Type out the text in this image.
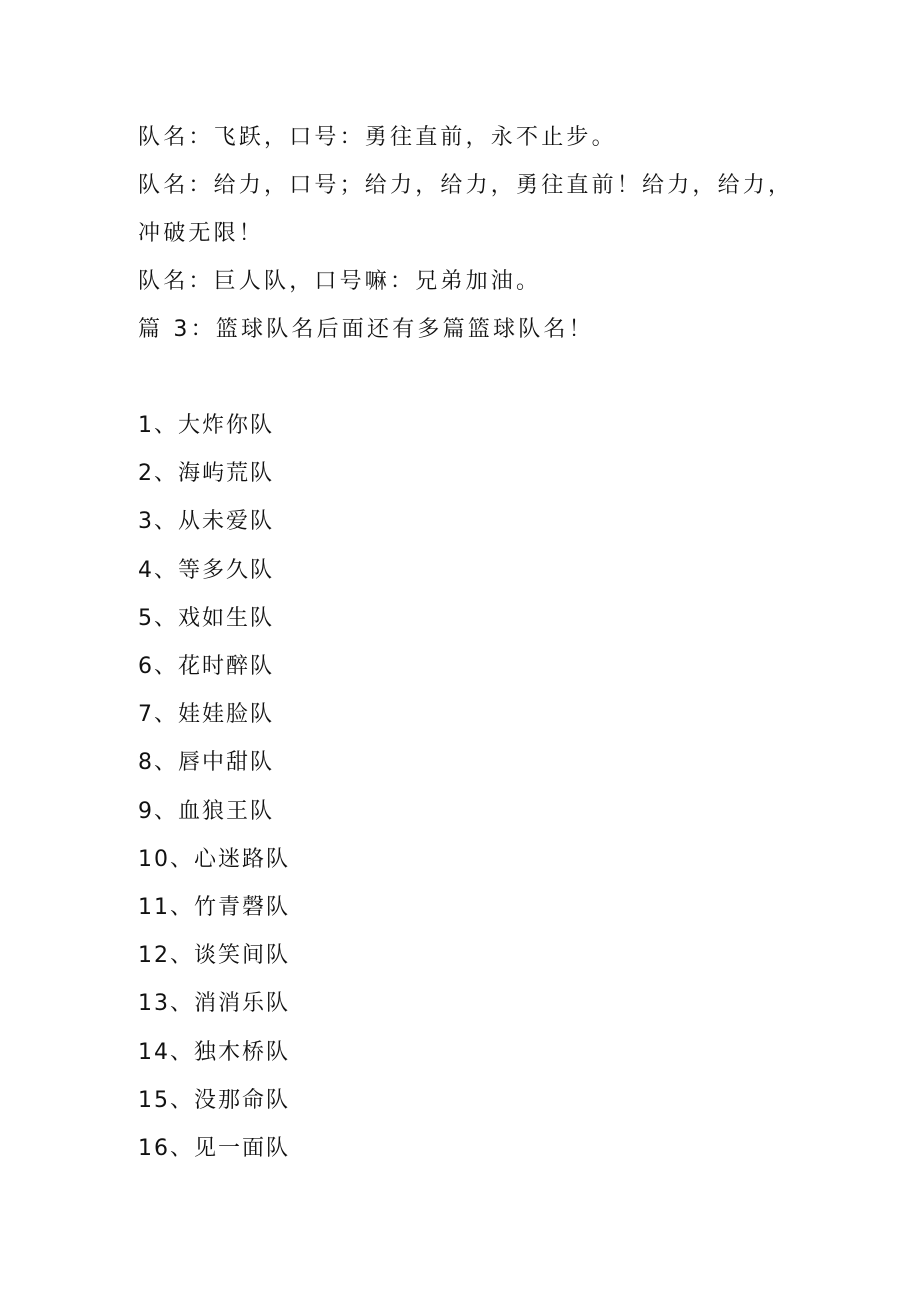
队名：飞跃，口号：勇往直前，永不止步。
队名：给力，口号；给力，给力，勇往直前！给力，给力，冲破无限！
队名：巨人队，口号嘛：兄弟加油。
篇 3：篮球队名后面还有多篇篮球队名！
1、大炸你队
2、海屿荒队
3、从未爱队
4、等多久队
5、戏如生队
6、花时醉队
7、娃娃脸队
8、唇中甜队
9、血狼王队
10、心迷路队
11、竹青磬队
12、谈笑间队
13、消消乐队
14、独木桥队
15、没那命队
16、见一面队
